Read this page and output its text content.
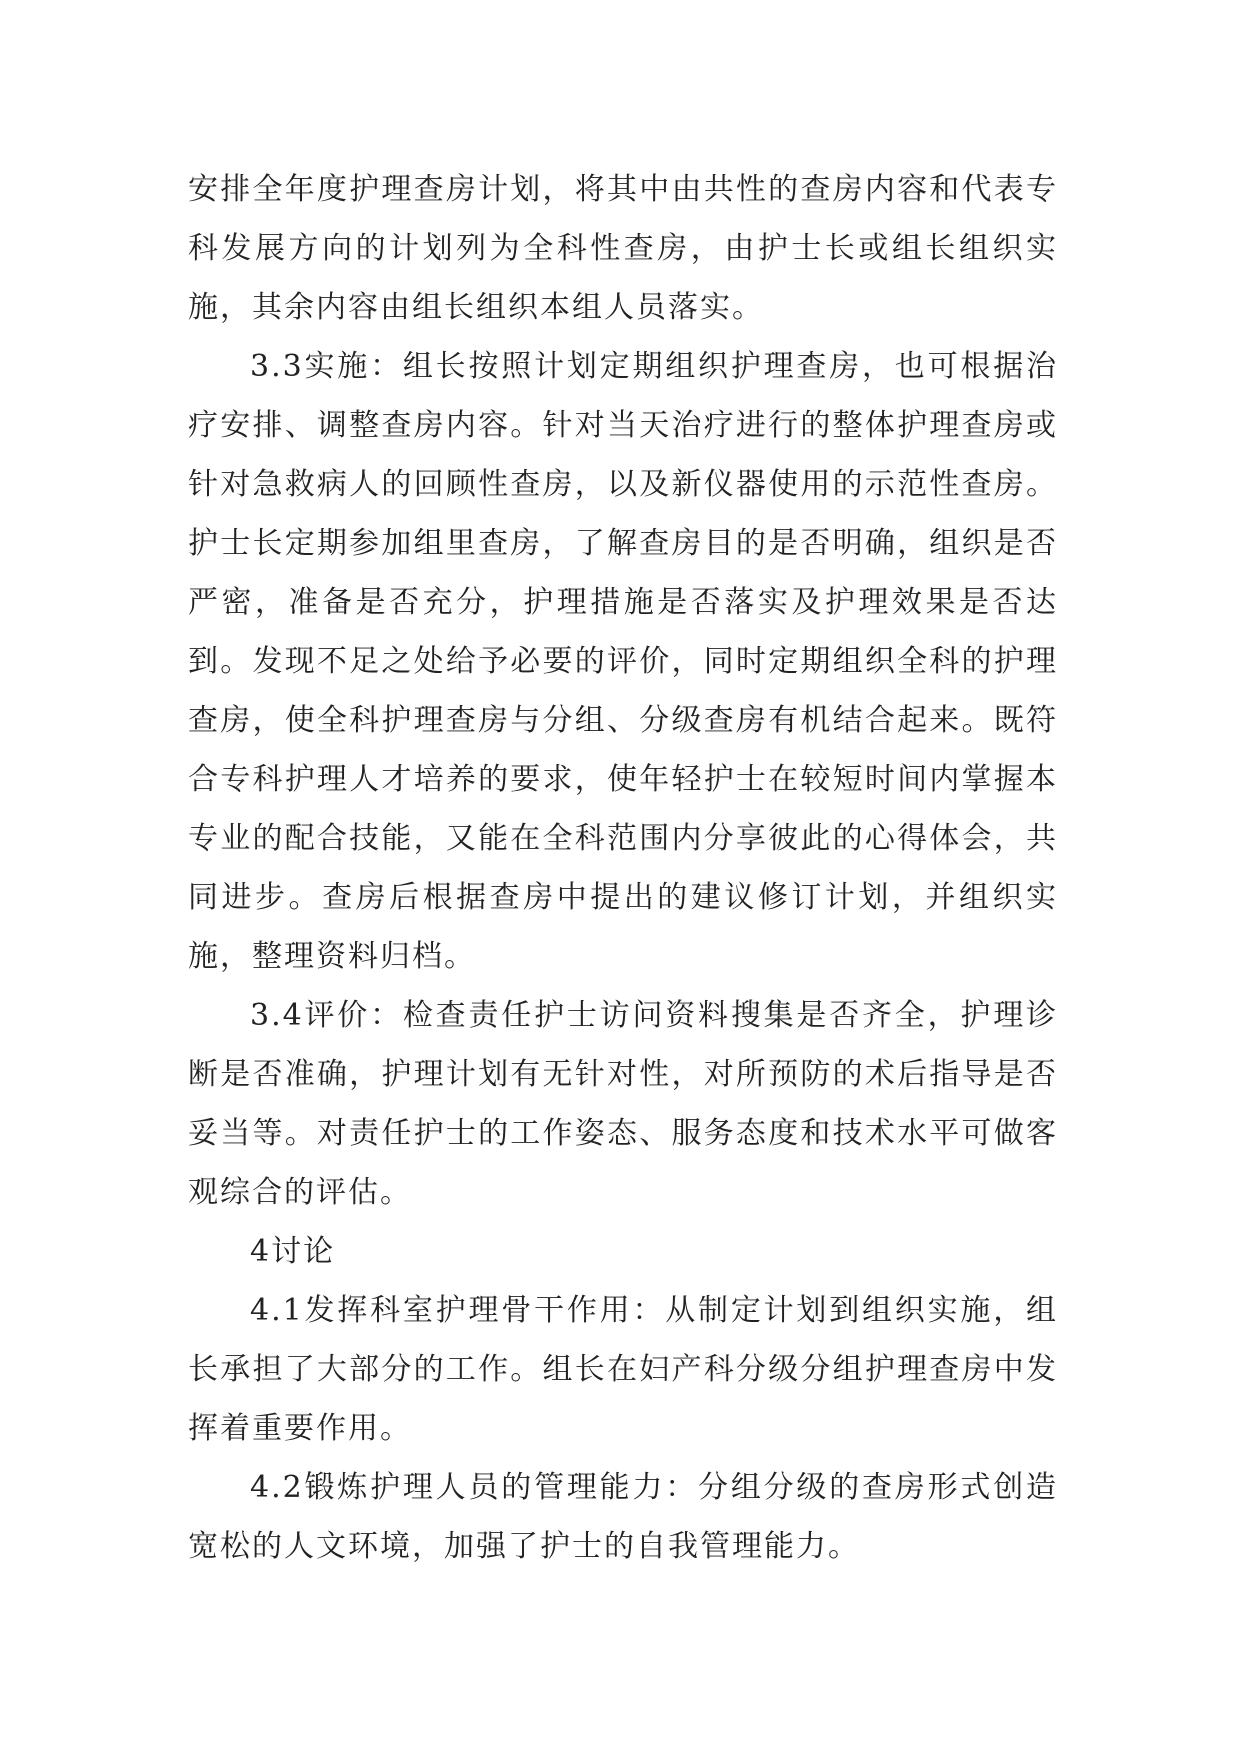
安排全年度护理查房计划，将其中由共性的查房内容和代表专科发展方向的计划列为全科性查房，由护士长或组长组织实施，其余内容由组长组织本组人员落实。

3.3实施：组长按照计划定期组织护理查房，也可根据治疗安排、调整查房内容。针对当天治疗进行的整体护理查房或针对急救病人的回顾性查房，以及新仪器使用的示范性查房。护士长定期参加组里查房，了解查房目的是否明确，组织是否严密，准备是否充分，护理措施是否落实及护理效果是否达到。发现不足之处给予必要的评价，同时定期组织全科的护理查房，使全科护理查房与分组、分级查房有机结合起来。既符合专科护理人才培养的要求，使年轻护士在较短时间内掌握本专业的配合技能，又能在全科范围内分享彼此的心得体会，共同进步。查房后根据查房中提出的建议修订计划，并组织实施，整理资料归档。

3.4评价：检查责任护士访问资料搜集是否齐全，护理诊断是否准确，护理计划有无针对性，对所预防的术后指导是否妥当等。对责任护士的工作姿态、服务态度和技术水平可做客观综合的评估。

4讨论

4.1发挥科室护理骨干作用：从制定计划到组织实施，组长承担了大部分的工作。组长在妇产科分级分组护理查房中发挥着重要作用。

4.2锻炼护理人员的管理能力：分组分级的查房形式创造宽松的人文环境，加强了护士的自我管理能力。
